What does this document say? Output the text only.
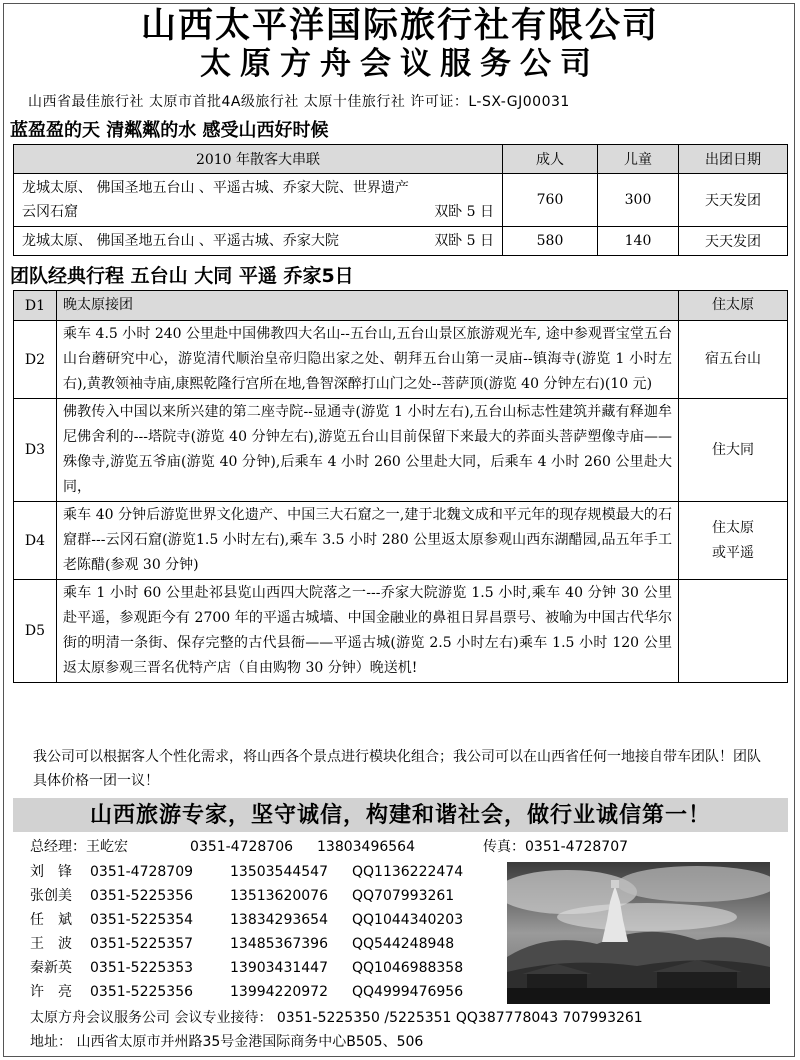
山西太平洋国际旅行社有限公司
太原方舟会议服务公司
山西省最佳旅行社 太原市首批4A级旅行社 太原十佳旅行社 许可证：L-SX-GJ00031
蓝盈盈的天 清粼粼的水 感受山西好时候
2010 年散客大串联	成人	儿童	出团日期

龙城太原、 佛国圣地五台山 、平遥古城、乔家大院、世界遗产
云冈石窟 双卧 5 日	760	300	天天发团

龙城太原、 佛国圣地五台山 、平遥古城、乔家大院 双卧 5 日	580	140	天天发团
团队经典行程 五台山 大同 平遥 乔家5日
D1	晚太原接团	住太原
D2	乘车 4.5 小时 240 公里赴中国佛教四大名山--五台山,五台山景区旅游观光车, 途中参观晋宝堂五台山台蘑研究中心，游览清代顺治皇帝归隐出家之处、朝拜五台山第一灵庙--镇海寺(游览 1 小时左右),黄教领袖寺庙,康熙乾隆行宫所在地,鲁智深醉打山门之处--菩萨顶(游览 40 分钟左右)(10 元)	宿五台山
D3	佛教传入中国以来所兴建的第二座寺院--显通寺(游览 1 小时左右),五台山标志性建筑并藏有释迦牟尼佛舍利的---塔院寺(游览 40 分钟左右),游览五台山目前保留下来最大的荞面头菩萨塑像寺庙——殊像寺,游览五爷庙(游览 40 分钟),后乘车 4 小时 260 公里赴大同，后乘车 4 小时 260 公里赴大同，	住大同
D4	乘车 40 分钟后游览世界文化遗产、中国三大石窟之一,建于北魏文成和平元年的现存规模最大的石窟群---云冈石窟(游览1.5 小时左右),乘车 3.5 小时 280 公里返太原参观山西东湖醋园,品五年手工老陈醋(参观 30 分钟)	住太原
或平遥

D5	乘车 1 小时 60 公里赴祁县览山西四大院落之一---乔家大院游览 1.5 小时,乘车 40 分钟 30 公里赴平遥，参观距今有 2700 年的平遥古城墙、中国金融业的鼻祖日昇昌票号、被喻为中国古代华尔街的明清一条街、保存完整的古代县衙——平遥古城(游览 2.5 小时左右)乘车 1.5 小时 120 公里返太原参观三晋名优特产店（自由购物 30 分钟）晚送机!	
我公司可以根据客人个性化需求，将山西各个景点进行模块化组合；我公司可以在山西省任何一地接自带车团队！团队具体价格一团一议！
山西旅游专家，坚守诚信，构建和谐社会，做行业诚信第一！
总经理：王屹宏	0351-4728706 13803496564	传真：0351-4728707
刘　锋 0351-4728709	13503544547 QQ1136222474
张创美 0351-5225356	13513620076 QQ707993261
任　斌 0351-5225354	13834293654 QQ1044340203
王　波 0351-5225357	13485367396 QQ544248948
秦新英 0351-5225353	13903431447 QQ1046988358
许　亮 0351-5225356	13994220972 QQ4999476956
太原方舟会议服务公司 会议专业接待： 0351-5225350 /5225351 QQ387778043 707993261
地址： 山西省太原市并州路35号金港国际商务中心B505、506
